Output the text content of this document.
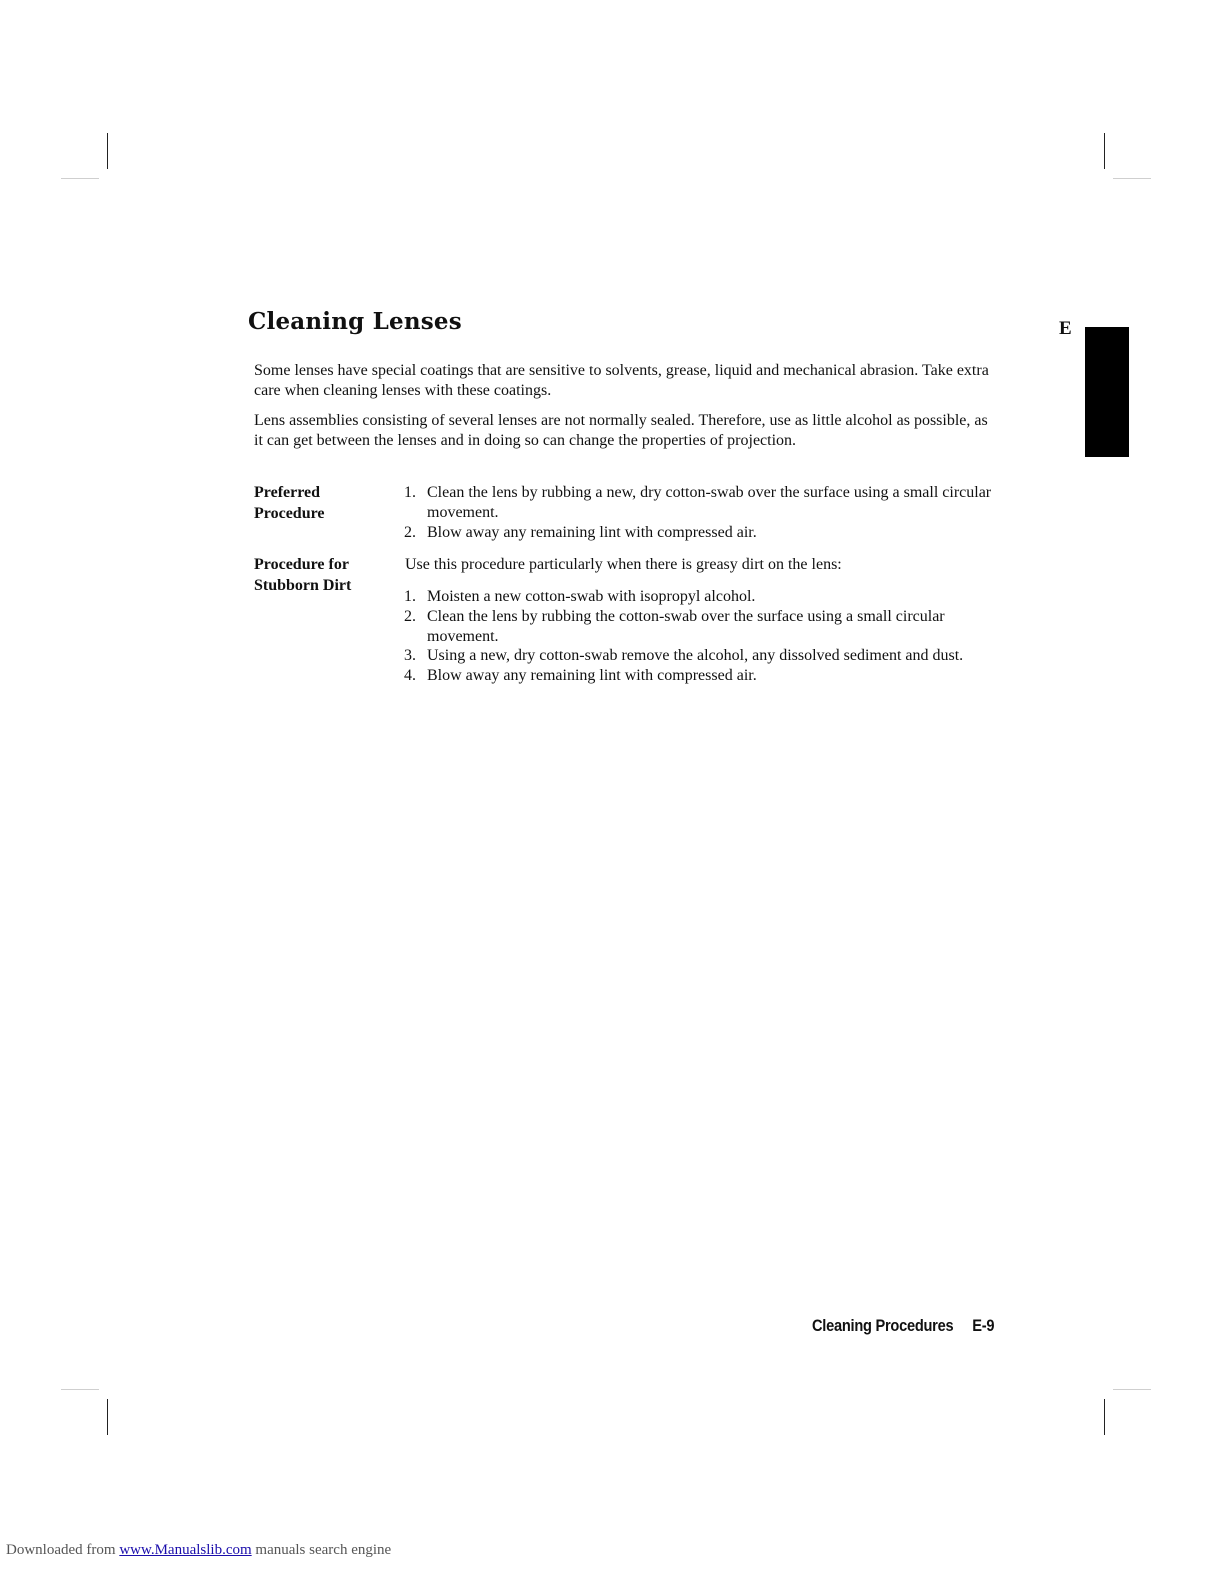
Cleaning Lenses	E

Some lenses have special coatings that are sensitive to solvents, grease, liquid and mechanical abrasion. Take extra care when cleaning lenses with these coatings.

Lens assemblies consisting of several lenses are not normally sealed. Therefore, use as little alcohol as possible, as it can get between the lenses and in doing so can change the properties of projection.

Preferred
Procedure
1. Clean the lens by rubbing a new, dry cotton-swab over the surface using a small circular movement.
2. Blow away any remaining lint with compressed air.
Procedure for
Stubborn Dirt

Use this procedure particularly when there is greasy dirt on the lens:

1. Moisten a new cotton-swab with isopropyl alcohol.
2. Clean the lens by rubbing the cotton-swab over the surface using a small circular movement.
3. Using a new, dry cotton-swab remove the alcohol, any dissolved sediment and dust.
4. Blow away any remaining lint with compressed air.
Cleaning Procedures E-9
Downloaded from www.Manualslib.com manuals search engine
